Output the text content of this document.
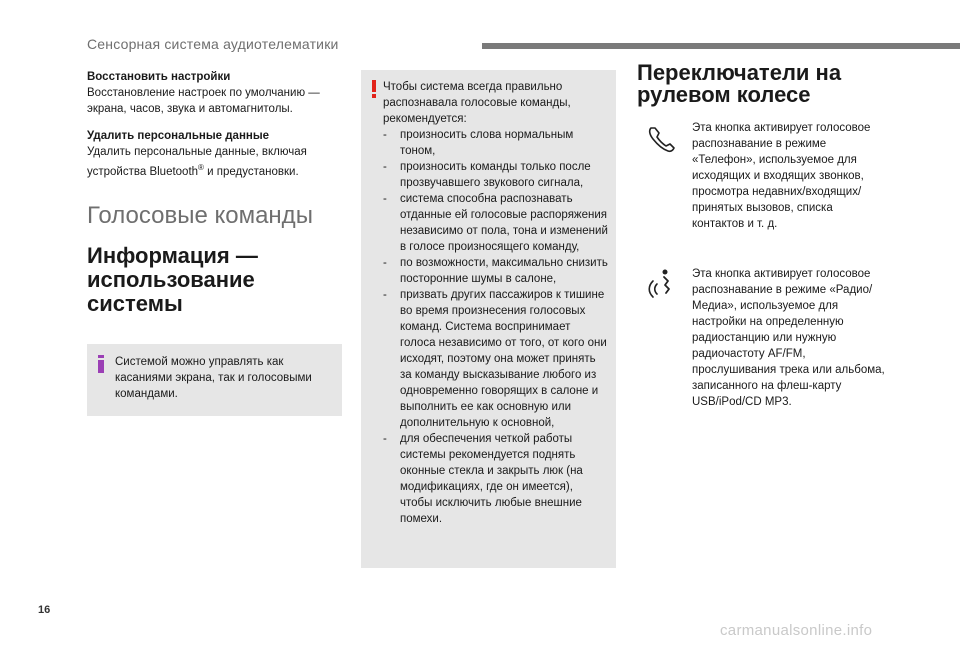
Сенсорная система аудиотелематики
Восстановить настройки
Восстановление настроек по умолчанию — экрана, часов, звука и автомагнитолы.
Удалить персональные данные
Удалить персональные данные, включая устройства Bluetooth® и предустановки.
Голосовые команды
Информация — использование системы
Системой можно управлять как касаниями экрана, так и голосовыми командами.
Чтобы система всегда правильно распознавала голосовые команды, рекомендуется:
- произносить слова нормальным тоном,
- произносить команды только после прозвучавшего звукового сигнала,
- система способна распознавать отданные ей голосовые распоряжения независимо от пола, тона и изменений в голосе произносящего команду,
- по возможности, максимально снизить посторонние шумы в салоне,
- призвать других пассажиров к тишине во время произнесения голосовых команд. Система воспринимает голоса независимо от того, от кого они исходят, поэтому она может принять за команду высказывание любого из одновременно говорящих в салоне и выполнить ее как основную или дополнительную к основной,
- для обеспечения четкой работы системы рекомендуется поднять оконные стекла и закрыть люк (на модификациях, где он имеется), чтобы исключить любые внешние помехи.
Переключатели на рулевом колесе
Эта кнопка активирует голосовое распознавание в режиме «Телефон», используемое для исходящих и входящих звонков, просмотра недавних/входящих/принятых вызовов, списка контактов и т. д.
Эта кнопка активирует голосовое распознавание в режиме «Радио/Медиа», используемое для настройки на определенную радиостанцию или нужную радиочастоту AF/FM, прослушивания трека или альбома, записанного на флеш-карту USB/iPod/CD MP3.
16
carmanualsonline.info
